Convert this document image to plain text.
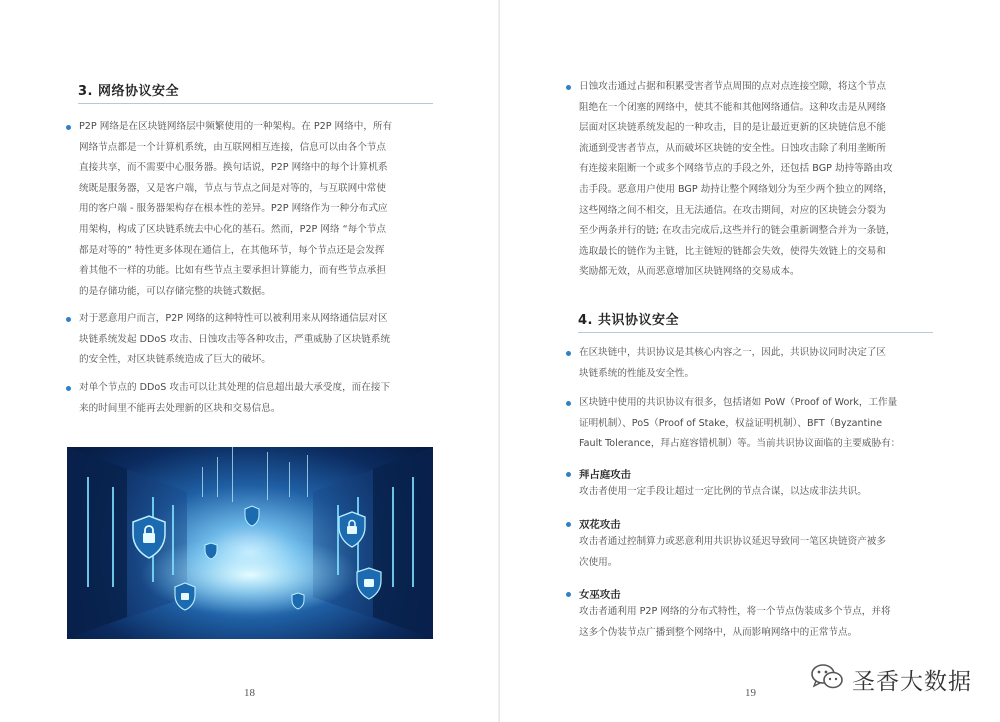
3. 网络协议安全
P2P 网络是在区块链网络层中频繁使用的一种架构。在 P2P 网络中，所有
网络节点都是一个计算机系统，由互联网相互连接，信息可以由各个节点
直接共享，而不需要中心服务器。换句话说，P2P 网络中的每个计算机系
统既是服务器，又是客户端，节点与节点之间是对等的，与互联网中常使
用的客户端 - 服务器架构存在根本性的差异。P2P 网络作为一种分布式应
用架构，构成了区块链系统去中心化的基石。然而，P2P 网络 “每个节点
都是对等的” 特性更多体现在通信上，在其他环节，每个节点还是会发挥
着其他不一样的功能。比如有些节点主要承担计算能力，而有些节点承担
的是存储功能，可以存储完整的块链式数据。
对于恶意用户而言，P2P 网络的这种特性可以被利用来从网络通信层对区
块链系统发起 DDoS 攻击、日蚀攻击等各种攻击，严重威胁了区块链系统
的安全性，对区块链系统造成了巨大的破坏。
对单个节点的 DDoS 攻击可以让其处理的信息超出最大承受度，而在接下
来的时间里不能再去处理新的区块和交易信息。
18
日蚀攻击通过占据和积累受害者节点周围的点对点连接空隙，将这个节点
阻绝在一个闭塞的网络中，使其不能和其他网络通信。这种攻击是从网络
层面对区块链系统发起的一种攻击，目的是让最近更新的区块链信息不能
流通到受害者节点，从而破坏区块链的安全性。日蚀攻击除了利用垄断所
有连接来阻断一个或多个网络节点的手段之外，还包括 BGP 劫持等路由攻
击手段。恶意用户使用 BGP 劫持让整个网络划分为至少两个独立的网络，
这些网络之间不相交，且无法通信。在攻击期间，对应的区块链会分裂为
至少两条并行的链; 在攻击完成后,这些并行的链会重新调整合并为一条链，
选取最长的链作为主链，比主链短的链都会失效，使得失效链上的交易和
奖励都无效，从而恶意增加区块链网络的交易成本。
4. 共识协议安全
在区块链中，共识协议是其核心内容之一，因此，共识协议同时决定了区
块链系统的性能及安全性。
区块链中使用的共识协议有很多，包括诸如 PoW（Proof of Work，工作量
证明机制）、PoS（Proof of Stake，权益证明机制）、BFT（Byzantine
Fault Tolerance，拜占庭容错机制）等。当前共识协议面临的主要威胁有：
拜占庭攻击
攻击者使用一定手段让超过一定比例的节点合谋，以达成非法共识。
双花攻击
攻击者通过控制算力或恶意利用共识协议延迟导致同一笔区块链资产被多
次使用。
女巫攻击
攻击者通利用 P2P 网络的分布式特性，将一个节点伪装成多个节点，并将
这多个伪装节点广播到整个网络中，从而影响网络中的正常节点。
19	圣香大数据
